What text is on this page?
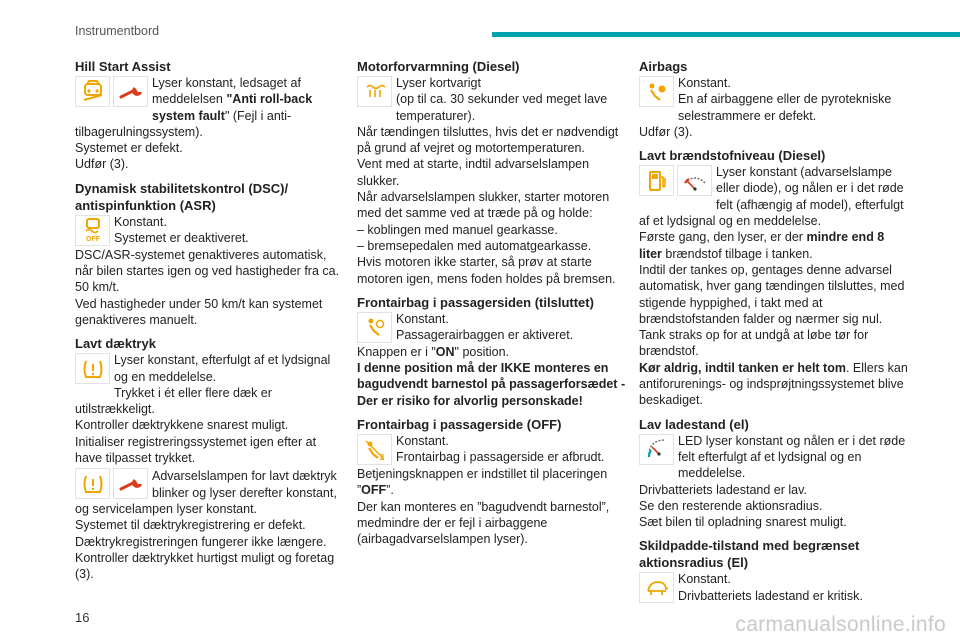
Instrumentbord

Hill Start Assist

Lyser konstant, ledsaget af meddelelsen "Anti roll-back system fault" (Fejl i anti-tilbagerulningssystem).

Systemet er defekt.

Udfør (3).

Dynamisk stabilitetskontrol (DSC)/ antispinfunktion (ASR)

OFF

Konstant.

Systemet er deaktiveret.

DSC/ASR-systemet genaktiveres automatisk, når bilen startes igen og ved hastigheder fra ca. 50 km/t.

Ved hastigheder under 50 km/t kan systemet genaktiveres manuelt.

Lavt dæktryk

Lyser konstant, efterfulgt af et lydsignal og en meddelelse.

Trykket i ét eller flere dæk er utilstrækkeligt.

Kontroller dæktrykkene snarest muligt.

Initialiser registreringssystemet igen efter at have tilpasset trykket.

Advarselslampen for lavt dæktryk blinker og lyser derefter konstant, og servicelampen lyser konstant.

Systemet til dæktrykregistrering er defekt.

Dæktrykregistreringen fungerer ikke længere.

Kontroller dæktrykket hurtigst muligt og foretag (3).

Motorforvarmning (Diesel)

Lyser kortvarigt

(op til ca. 30 sekunder ved meget lave temperaturer).

Når tændingen tilsluttes, hvis det er nødvendigt på grund af vejret og motortemperaturen.

Vent med at starte, indtil advarselslampen slukker.

Når advarselslampen slukker, starter motoren med det samme ved at træde på og holde:

– koblingen med manuel gearkasse.

– bremsepedalen med automatgearkasse.

Hvis motoren ikke starter, så prøv at starte motoren igen, mens foden holdes på bremsen.

Frontairbag i passagersiden (tilsluttet)

Konstant.

Passagerairbaggen er aktiveret.

Knappen er i "ON" position.

I denne position må der IKKE monteres en bagudvendt barnestol på passagerforsædet - Der er risiko for alvorlig personskade!

Frontairbag i passagerside (OFF)

2

Konstant.

Frontairbag i passagerside er afbrudt.

Betjeningsknappen er indstillet til placeringen ”OFF”.

Der kan monteres en ”bagudvendt barnestol”, medmindre der er fejl i airbaggene (airbagadvarselslampen lyser).

Airbags

Konstant.

En af airbaggene eller de pyrotekniske selestrammere er defekt.

Udfør (3).

Lavt brændstofniveau (Diesel)

Lyser konstant (advarselslampe eller diode), og nålen er i det røde felt (afhængig af model), efterfulgt af et lydsignal og en meddelelse.

Første gang, den lyser, er der mindre end 8 liter brændstof tilbage i tanken.

Indtil der tankes op, gentages denne advarsel automatisk, hver gang tændingen tilsluttes, med stigende hyppighed, i takt med at brændstofstanden falder og nærmer sig nul.

Tank straks op for at undgå at løbe tør for brændstof.

Kør aldrig, indtil tanken er helt tom. Ellers kan antiforurenings- og indsprøjtningssystemet blive beskadiget.

Lav ladestand (el)

LED lyser konstant og nålen er i det røde felt efterfulgt af et lydsignal og en meddelelse.

Drivbatteriets ladestand er lav.

Se den resterende aktionsradius.

Sæt bilen til opladning snarest muligt.

Skildpadde-tilstand med begrænset aktionsradius (El)

Konstant.

Drivbatteriets ladestand er kritisk.

16	carmanualsonline.info
